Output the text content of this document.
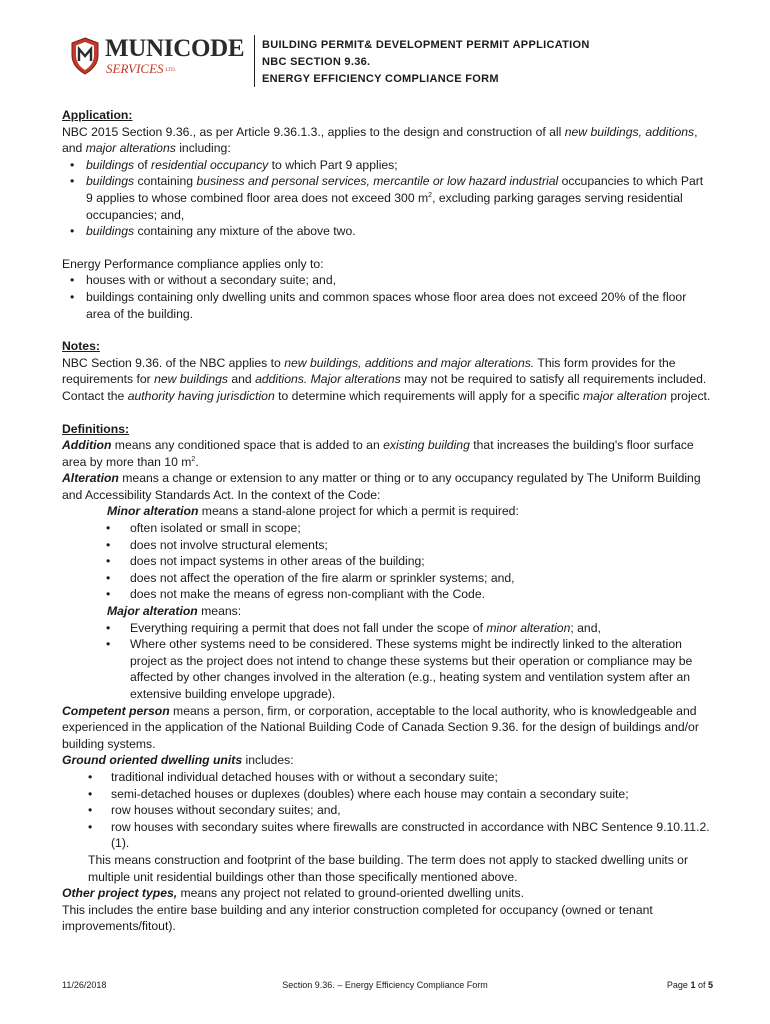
MUNICODE
SERVICES LTD.
BUILDING PERMIT& DEVELOPMENT PERMIT APPLICATION
NBC SECTION 9.36.
ENERGY EFFICIENCY COMPLIANCE FORM

Application:

NBC 2015 Section 9.36., as per Article 9.36.1.3., applies to the design and construction of all new buildings, additions, and major alterations including:

• buildings of residential occupancy to which Part 9 applies;

• buildings containing business and personal services, mercantile or low hazard industrial occupancies to which Part 9 applies to whose combined floor area does not exceed 300 $m^2$, excluding parking garages serving residential occupancies; and,

• buildings containing any mixture of the above two.

Energy Performance compliance applies only to:

• houses with or without a secondary suite; and,

• buildings containing only dwelling units and common spaces whose floor area does not exceed 20% of the floor area of the building.

Notes:

NBC Section 9.36. of the NBC applies to new buildings, additions and major alterations. This form provides for the requirements for new buildings and additions. Major alterations may not be required to satisfy all requirements included. Contact the authority having jurisdiction to determine which requirements will apply for a specific major alteration project.

Definitions:

Addition means any conditioned space that is added to an existing building that increases the building's floor surface area by more than 10 $m^2$.

Alteration means a change or extension to any matter or thing or to any occupancy regulated by The Uniform Building and Accessibility Standards Act. In the context of the Code:

Minor alteration means a stand-alone project for which a permit is required:

• often isolated or small in scope;

• does not involve structural elements;

• does not impact systems in other areas of the building;

• does not affect the operation of the fire alarm or sprinkler systems; and,

• does not make the means of egress non-compliant with the Code.

Major alteration means:

• Everything requiring a permit that does not fall under the scope of minor alteration; and,

• Where other systems need to be considered. These systems might be indirectly linked to the alteration project as the project does not intend to change these systems but their operation or compliance may be affected by other changes involved in the alteration (e.g., heating system and ventilation system after an extensive building envelope upgrade).

Competent person means a person, firm, or corporation, acceptable to the local authority, who is knowledgeable and experienced in the application of the National Building Code of Canada Section 9.36. for the design of buildings and/or building systems.

Ground oriented dwelling units includes:

• traditional individual detached houses with or without a secondary suite;

• semi-detached houses or duplexes (doubles) where each house may contain a secondary suite;

• row houses without secondary suites; and,

• row houses with secondary suites where firewalls are constructed in accordance with NBC Sentence 9.10.11.2.(1).

This means construction and footprint of the base building. The term does not apply to stacked dwelling units or multiple unit residential buildings other than those specifically mentioned above.

Other project types, means any project not related to ground-oriented dwelling units.

This includes the entire base building and any interior construction completed for occupancy (owned or tenant improvements/fitout).

11/26/2018	Section 9.36. – Energy Efficiency Compliance Form	Page 1 of 5
